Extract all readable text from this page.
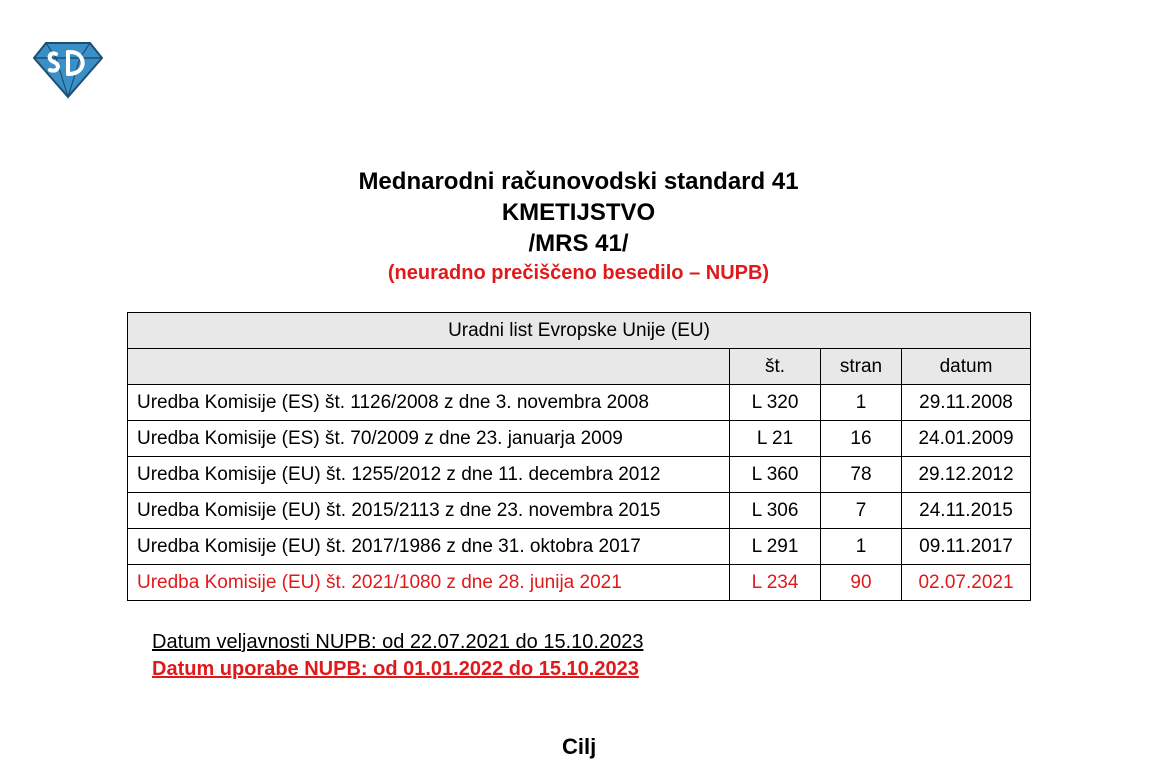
Mednarodni računovodski standard 41
KMETIJSTVO
/MRS 41/
(neuradno prečiščeno besedilo – NUPB)
Uradni list Evropske Unije (EU)			
	št.	stran	datum
Uredba Komisije (ES) št. 1126/2008 z dne 3. novembra 2008	L 320	1	29.11.2008
Uredba Komisije (ES) št. 70/2009 z dne 23. januarja 2009	L 21	16	24.01.2009
Uredba Komisije (EU) št. 1255/2012 z dne 11. decembra 2012	L 360	78	29.12.2012
Uredba Komisije (EU) št. 2015/2113 z dne 23. novembra 2015	L 306	7	24.11.2015
Uredba Komisije (EU) št. 2017/1986 z dne 31. oktobra 2017	L 291	1	09.11.2017
Uredba Komisije (EU) št. 2021/1080 z dne 28. junija 2021	L 234	90	02.07.2021
Datum veljavnosti NUPB: od 22.07.2021 do 15.10.2023
Datum uporabe NUPB: od 01.01.2022 do 15.10.2023
Cilj
